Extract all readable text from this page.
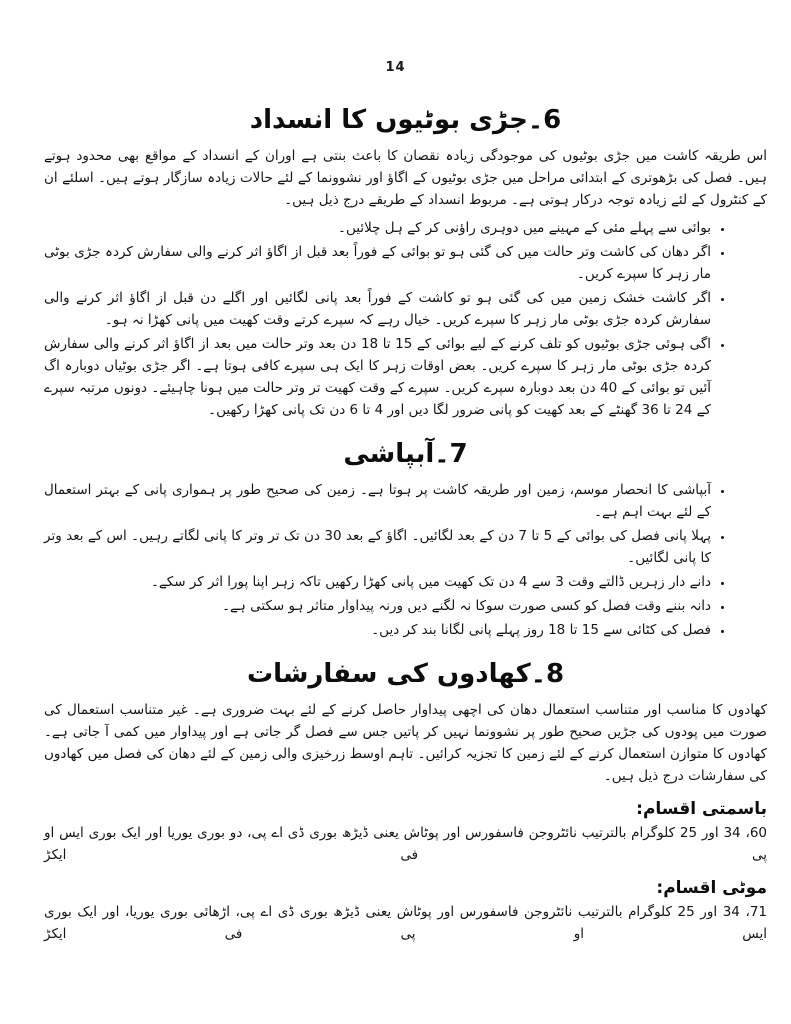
14
6۔جڑی بوٹیوں کا انسداد

اس طریقہ کاشت میں جڑی بوٹیوں کی موجودگی زیادہ نقصان کا باعث بنتی ہے اوران کے انسداد کے مواقع بھی محدود ہوتے ہیں۔ فصل کی بڑھوتری کے ابتدائی مراحل میں جڑی بوٹیوں کے اگاؤ اور نشوونما کے لئے حالات زیادہ سازگار ہوتے ہیں۔ اسلئے ان کے کنٹرول کے لئے زیادہ توجہ درکار ہوتی ہے۔ مربوط انسداد کے طریقے درج ذیل ہیں۔

• بوائی سے پہلے مئی کے مہینے میں دوہری راؤنی کر کے ہل چلائیں۔
• اگر دھان کی کاشت وتر حالت میں کی گئی ہو تو بوائی کے فوراً بعد قبل از اگاؤ اثر کرنے والی سفارش کردہ جڑی بوٹی مار زہر کا سپرے کریں۔
• اگر کاشت خشک زمین میں کی گئی ہو تو کاشت کے فوراً بعد پانی لگائیں اور اگلے دن قبل از اگاؤ اثر کرنے والی سفارش کردہ جڑی بوٹی مار زہر کا سپرے کریں۔ خیال رہے کہ سپرے کرتے وقت کھیت میں پانی کھڑا نہ ہو۔
• اگی ہوئی جڑی بوٹیوں کو تلف کرنے کے لیے بوائی کے 15 تا 18 دن بعد وتر حالت میں بعد از اگاؤ اثر کرنے والی سفارش کردہ جڑی بوٹی مار زہر کا سپرے کریں۔ بعض اوقات زہر کا ایک ہی سپرے کافی ہوتا ہے۔ اگر جڑی بوٹیاں دوبارہ اگ آئیں تو بوائی کے 40 دن بعد دوبارہ سپرے کریں۔ سپرے کے وقت کھیت تر وتر حالت میں ہونا چاہیئے۔ دونوں مرتبہ سپرے کے 24 تا 36 گھنٹے کے بعد کھیت کو پانی ضرور لگا دیں اور 4 تا 6 دن تک پانی کھڑا رکھیں۔
7۔آبپاشی
• آبپاشی کا انحصار موسم، زمین اور طریقہ کاشت پر ہوتا ہے۔ زمین کی صحیح طور پر ہمواری پانی کے بہتر استعمال کے لئے بہت اہم ہے۔
• پہلا پانی فصل کی بوائی کے 5 تا 7 دن کے بعد لگائیں۔ اگاؤ کے بعد 30 دن تک تر وتر کا پانی لگاتے رہیں۔ اس کے بعد وتر کا پانی لگائیں۔
• دانے دار زہریں ڈالتے وقت 3 سے 4 دن تک کھیت میں پانی کھڑا رکھیں تاکہ زہر اپنا پورا اثر کر سکے۔
• دانہ بننے وقت فصل کو کسی صورت سوکا نہ لگنے دیں ورنہ پیداوار متاثر ہو سکتی ہے۔
• فصل کی کٹائی سے 15 تا 18 روز پہلے پانی لگانا بند کر دیں۔
8۔کھادوں کی سفارشات

کھادوں کا مناسب اور متناسب استعمال دھان کی اچھی پیداوار حاصل کرنے کے لئے بہت ضروری ہے۔ غیر متناسب استعمال کی صورت میں پودوں کی جڑیں صحیح طور پر نشوونما نہیں کر پاتیں جس سے فصل گر جاتی ہے اور پیداوار میں کمی آ جاتی ہے۔ کھادوں کا متوازن استعمال کرنے کے لئے زمین کا تجزیہ کرائیں۔ تاہم اوسط زرخیزی والی زمین کے لئے دھان کی فصل میں کھادوں کی سفارشات درج ذیل ہیں۔

باسمتی اقسام:

60، 34 اور 25 کلوگرام بالترتیب نائٹروجن فاسفورس اور پوٹاش یعنی ڈیڑھ بوری ڈی اے پی، دو بوری یوریا اور ایک بوری ایس او پی فی ایکڑ

موٹی اقسام:

71، 34 اور 25 کلوگرام بالترتیب نائٹروجن فاسفورس اور پوٹاش یعنی ڈیڑھ بوری ڈی اے پی، اڑھائی بوری یوریا، اور ایک بوری ایس او پی فی ایکڑ
